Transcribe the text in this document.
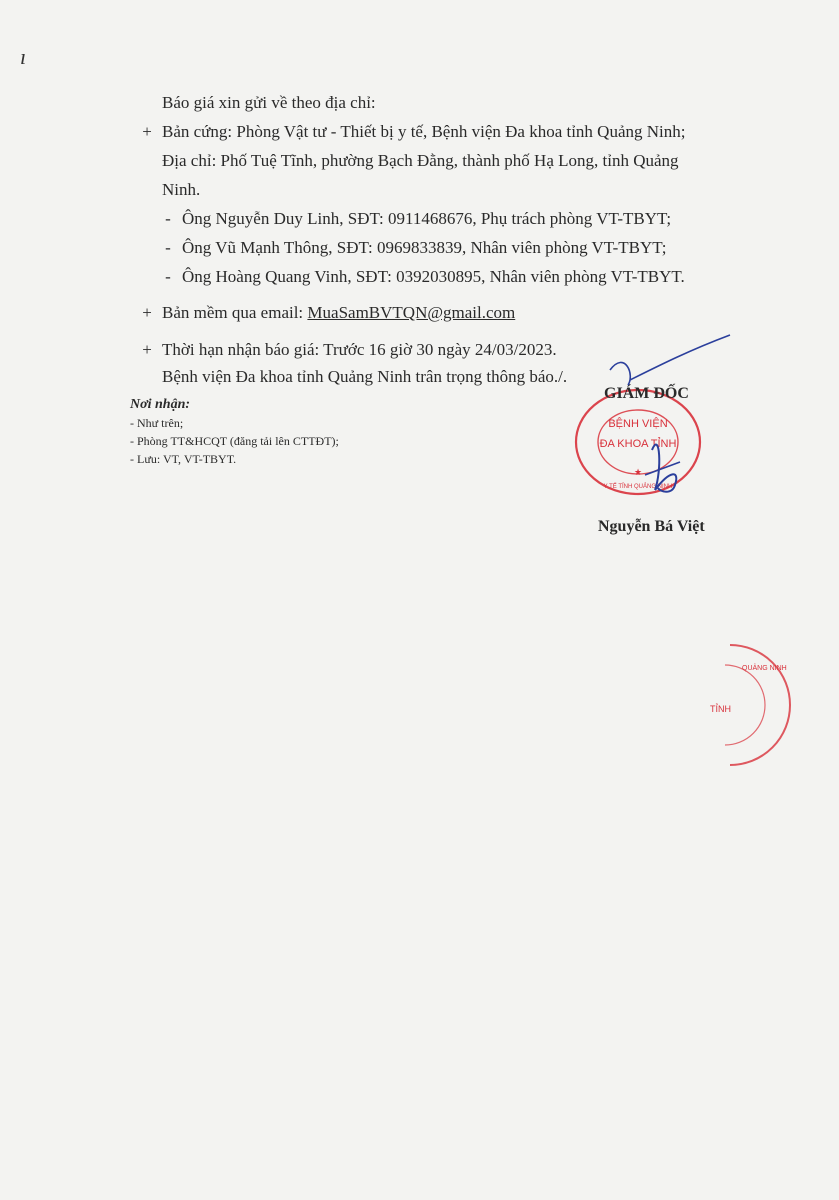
ı
Báo giá xin gửi về theo địa chỉ:
+ Bản cứng: Phòng Vật tư - Thiết bị y tế, Bệnh viện Đa khoa tỉnh Quảng Ninh;
Địa chỉ: Phố Tuệ Tĩnh, phường Bạch Đằng, thành phố Hạ Long, tỉnh Quảng
Ninh.
- Ông Nguyễn Duy Linh, SĐT: 0911468676, Phụ trách phòng VT-TBYT;
- Ông Vũ Mạnh Thông, SĐT: 0969833839, Nhân viên phòng VT-TBYT;
- Ông Hoàng Quang Vinh, SĐT: 0392030895, Nhân viên phòng VT-TBYT.
+ Bản mềm qua email: MuaSamBVTQN@gmail.com
+ Thời hạn nhận báo giá: Trước 16 giờ 30 ngày 24/03/2023.
Bệnh viện Đa khoa tỉnh Quảng Ninh trân trọng thông báo./.
Nơi nhận:
- Như trên;
- Phòng TT&HCQT (đăng tải lên CTTĐT);
- Lưu: VT, VT-TBYT.
BỆNH VIỆN
ĐA KHOA TỈNH
Y TẾ TỈNH QUẢNG NINH
★
GIÁM ĐỐC
Nguyễn Bá Việt
QUẢNG NINH
TỈNH
